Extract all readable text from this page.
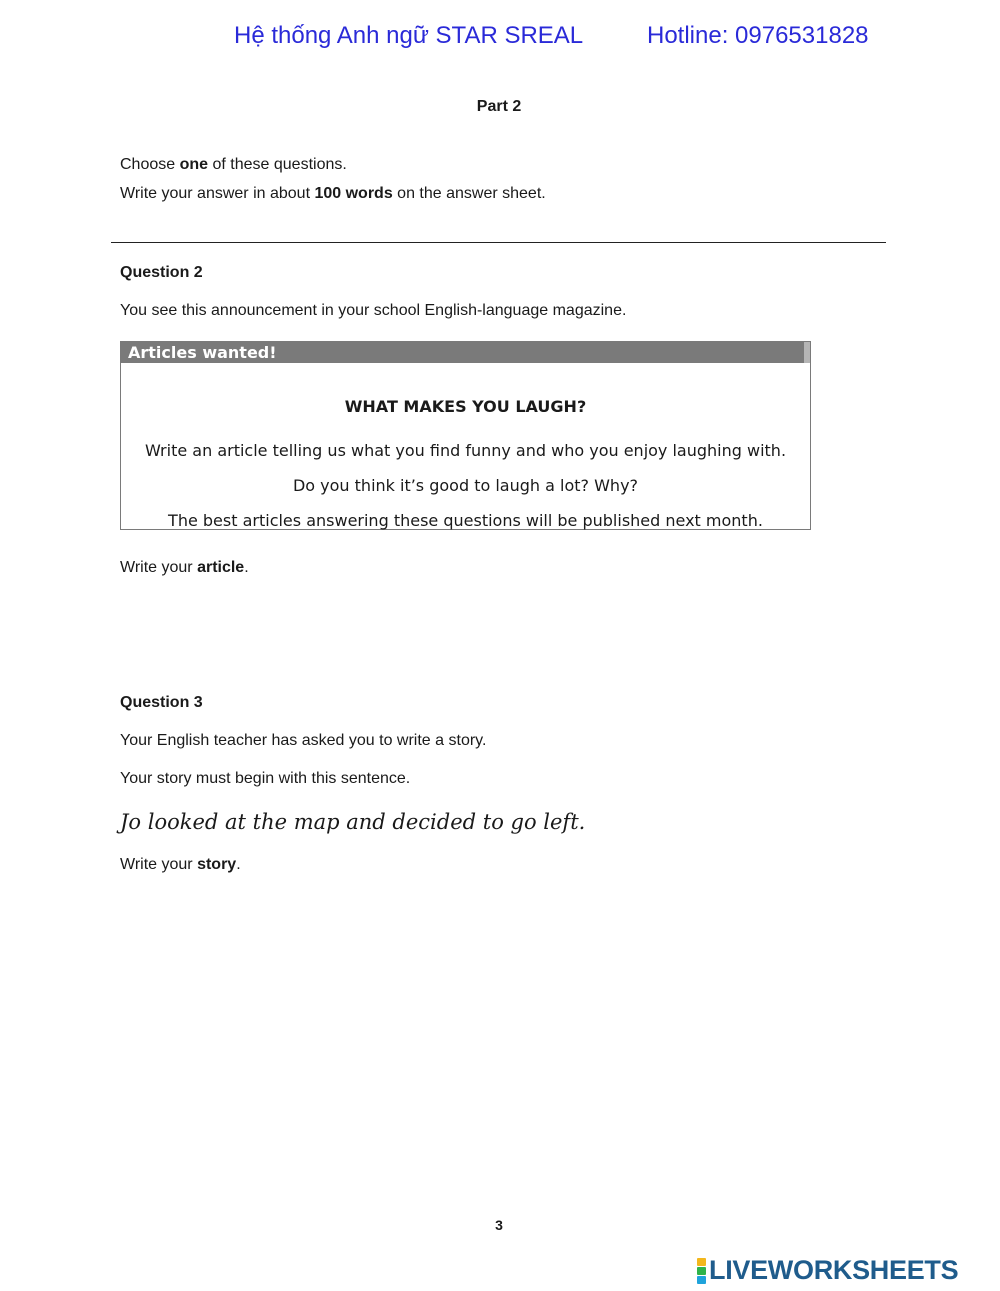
Hệ thống Anh ngữ STAR SREAL	Hotline: 0976531828

Part 2

Choose one of these questions.

Write your answer in about 100 words on the answer sheet.

Question 2

You see this announcement in your school English-language magazine.

Articles wanted!

WHAT MAKES YOU LAUGH?

Write an article telling us what you find funny and who you enjoy laughing with.

Do you think it’s good to laugh a lot? Why?

The best articles answering these questions will be published next month.

Write your article.

Question 3

Your English teacher has asked you to write a story.

Your story must begin with this sentence.

Jo looked at the map and decided to go left.

Write your story.

3

LIVEWORKSHEETS
